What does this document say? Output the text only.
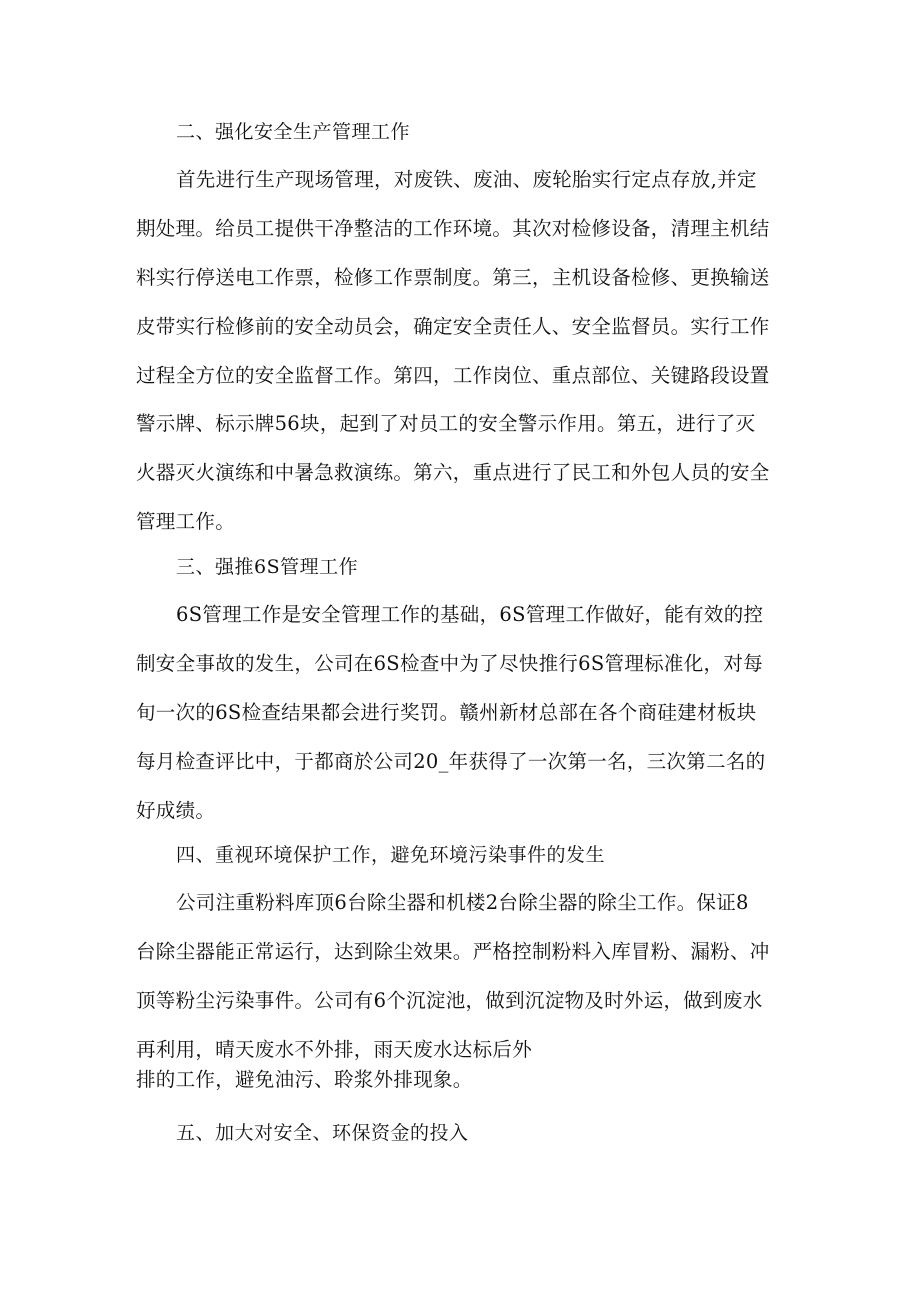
二、强化安全生产管理工作
首先进行生产现场管理，对废铁、废油、废轮胎实行定点存放,并定
期处理。给员工提供干净整洁的工作环境。其次对检修设备，清理主机结
料实行停送电工作票，检修工作票制度。第三，主机设备检修、更换输送
皮带实行检修前的安全动员会，确定安全责任人、安全监督员。实行工作
过程全方位的安全监督工作。第四，工作岗位、重点部位、关键路段设置
警示牌、标示牌56块，起到了对员工的安全警示作用。第五，进行了灭
火器灭火演练和中暑急救演练。第六，重点进行了民工和外包人员的安全
管理工作。
三、强推6S管理工作
6S管理工作是安全管理工作的基础，6S管理工作做好，能有效的控
制安全事故的发生，公司在6S检查中为了尽快推行6S管理标准化，对每
旬一次的6S检查结果都会进行奖罚。赣州新材总部在各个商硅建材板块
每月检查评比中，于都商於公司20_年获得了一次第一名，三次第二名的
好成绩。
四、重视环境保护工作，避免环境污染事件的发生
公司注重粉料库顶6台除尘器和机楼2台除尘器的除尘工作。保证8
台除尘器能正常运行，达到除尘效果。严格控制粉料入库冒粉、漏粉、冲
顶等粉尘污染事件。公司有6个沉淀池，做到沉淀物及时外运，做到废水
再利用，晴天废水不外排，雨天废水达标后外
排的工作，避免油污、聆浆外排现象。
五、加大对安全、环保资金的投入
